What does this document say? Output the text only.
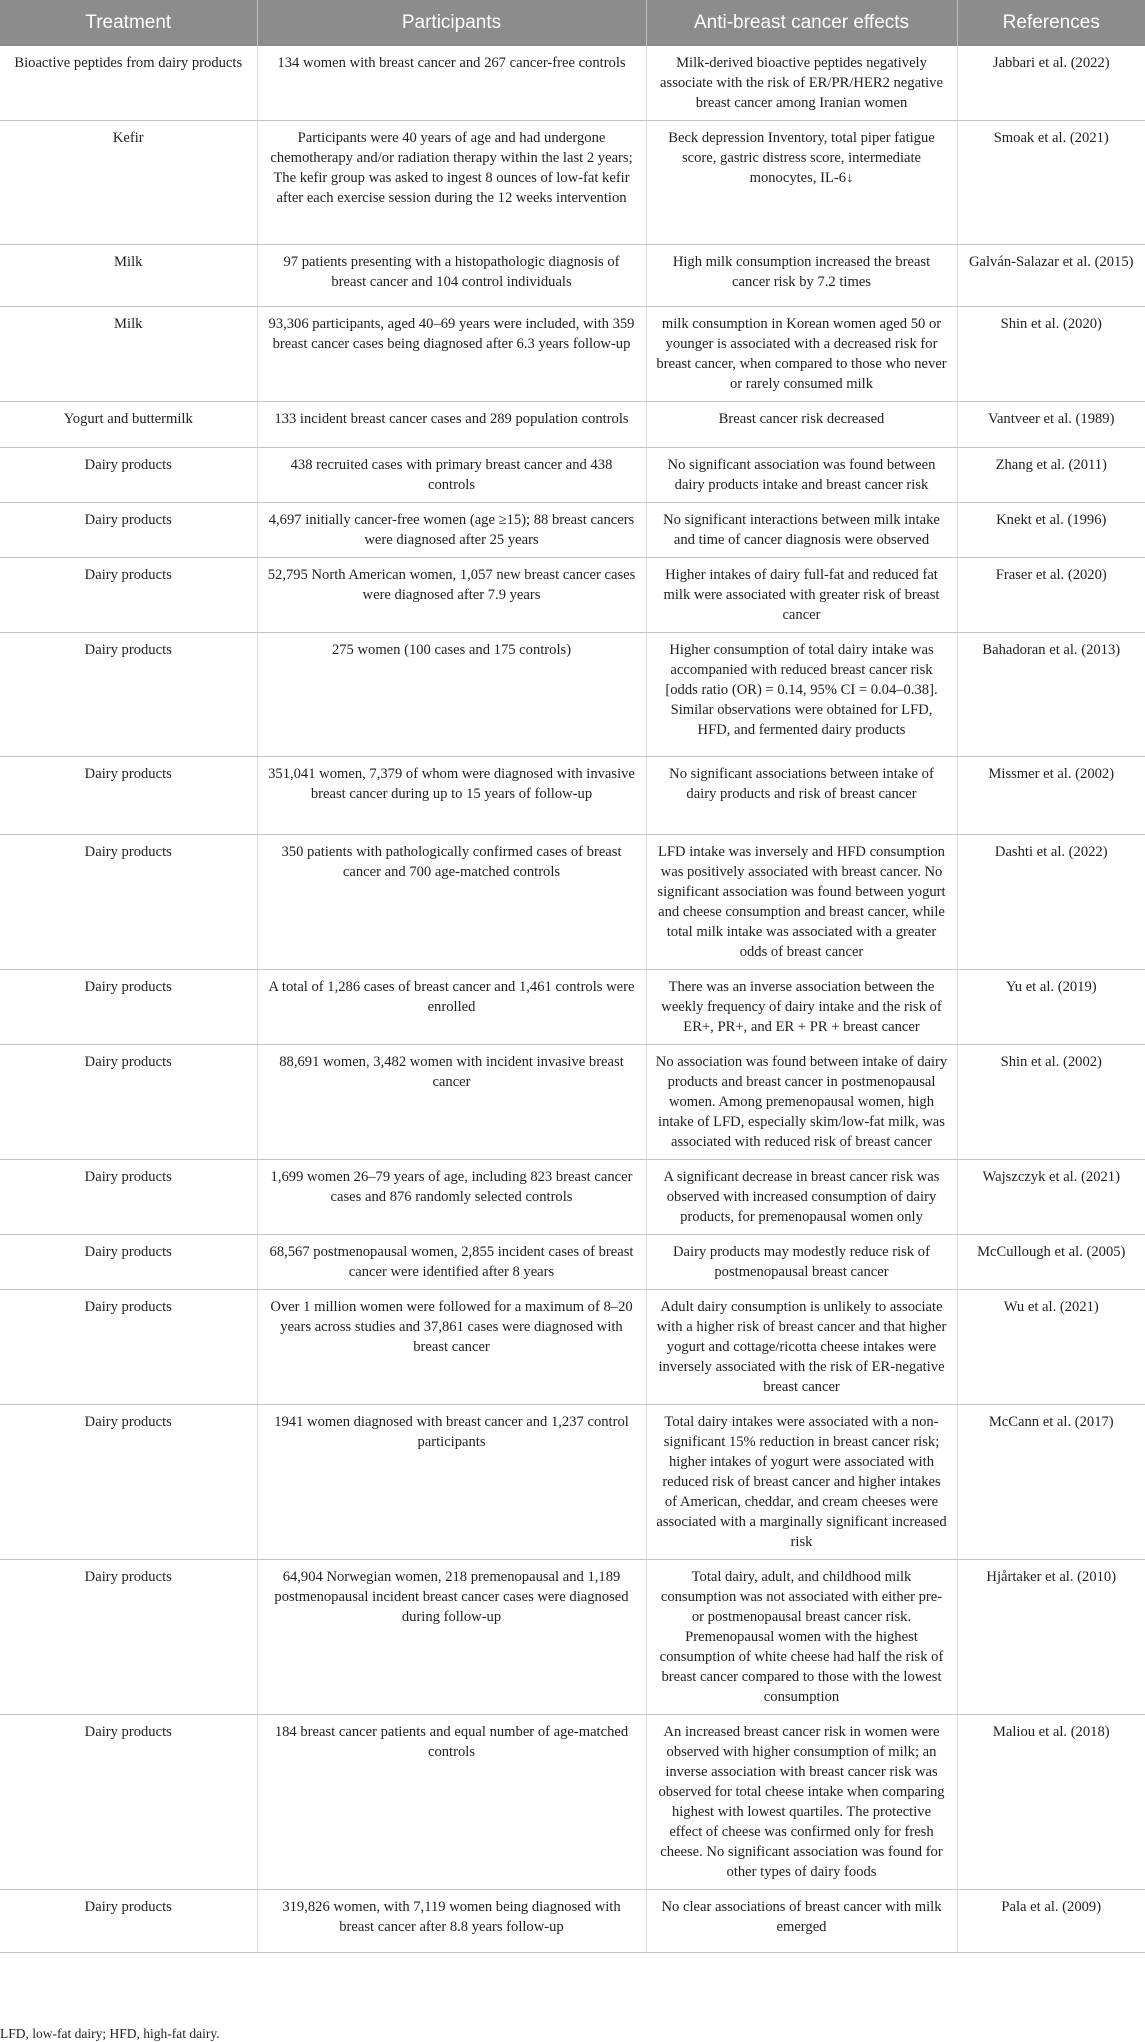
Treatment	Participants	Anti-breast cancer effects	References
Bioactive peptides from dairy products	134 women with breast cancer and 267 cancer-free controls	Milk-derived bioactive peptides negatively associate with the risk of ER/PR/HER2 negative breast cancer among Iranian women	Jabbari et al. (2022)
Kefir	Participants were 40 years of age and had undergone chemotherapy and/or radiation therapy within the last 2 years; The kefir group was asked to ingest 8 ounces of low-fat kefir after each exercise session during the 12 weeks intervention	Beck depression Inventory, total piper fatigue score, gastric distress score, intermediate monocytes, IL-6↓	Smoak et al. (2021)
Milk	97 patients presenting with a histopathologic diagnosis of breast cancer and 104 control individuals	High milk consumption increased the breast cancer risk by 7.2 times	Galván-Salazar et al. (2015)
Milk	93,306 participants, aged 40–69 years were included, with 359 breast cancer cases being diagnosed after 6.3 years follow-up	milk consumption in Korean women aged 50 or younger is associated with a decreased risk for breast cancer, when compared to those who never or rarely consumed milk	Shin et al. (2020)
Yogurt and buttermilk	133 incident breast cancer cases and 289 population controls	Breast cancer risk decreased	Vantveer et al. (1989)
Dairy products	438 recruited cases with primary breast cancer and 438 controls	No significant association was found between dairy products intake and breast cancer risk	Zhang et al. (2011)
Dairy products	4,697 initially cancer-free women (age ≥15); 88 breast cancers were diagnosed after 25 years	No significant interactions between milk intake and time of cancer diagnosis were observed	Knekt et al. (1996)
Dairy products	52,795 North American women, 1,057 new breast cancer cases were diagnosed after 7.9 years	Higher intakes of dairy full-fat and reduced fat milk were associated with greater risk of breast cancer	Fraser et al. (2020)
Dairy products	275 women (100 cases and 175 controls)	Higher consumption of total dairy intake was accompanied with reduced breast cancer risk [odds ratio (OR) = 0.14, 95% CI = 0.04–0.38]. Similar observations were obtained for LFD, HFD, and fermented dairy products	Bahadoran et al. (2013)
Dairy products	351,041 women, 7,379 of whom were diagnosed with invasive breast cancer during up to 15 years of follow-up	No significant associations between intake of dairy products and risk of breast cancer	Missmer et al. (2002)
Dairy products	350 patients with pathologically confirmed cases of breast cancer and 700 age-matched controls	LFD intake was inversely and HFD consumption was positively associated with breast cancer. No significant association was found between yogurt and cheese consumption and breast cancer, while total milk intake was associated with a greater odds of breast cancer	Dashti et al. (2022)
Dairy products	A total of 1,286 cases of breast cancer and 1,461 controls were enrolled	There was an inverse association between the weekly frequency of dairy intake and the risk of ER+, PR+, and ER + PR + breast cancer	Yu et al. (2019)
Dairy products	88,691 women, 3,482 women with incident invasive breast cancer	No association was found between intake of dairy products and breast cancer in postmenopausal women. Among premenopausal women, high intake of LFD, especially skim/low-fat milk, was associated with reduced risk of breast cancer	Shin et al. (2002)
Dairy products	1,699 women 26–79 years of age, including 823 breast cancer cases and 876 randomly selected controls	A significant decrease in breast cancer risk was observed with increased consumption of dairy products, for premenopausal women only	Wajszczyk et al. (2021)
Dairy products	68,567 postmenopausal women, 2,855 incident cases of breast cancer were identified after 8 years	Dairy products may modestly reduce risk of postmenopausal breast cancer	McCullough et al. (2005)
Dairy products	Over 1 million women were followed for a maximum of 8–20 years across studies and 37,861 cases were diagnosed with breast cancer	Adult dairy consumption is unlikely to associate with a higher risk of breast cancer and that higher yogurt and cottage/ricotta cheese intakes were inversely associated with the risk of ER-negative breast cancer	Wu et al. (2021)
Dairy products	1941 women diagnosed with breast cancer and 1,237 control participants	Total dairy intakes were associated with a non-significant 15% reduction in breast cancer risk; higher intakes of yogurt were associated with reduced risk of breast cancer and higher intakes of American, cheddar, and cream cheeses were associated with a marginally significant increased risk	McCann et al. (2017)
Dairy products	64,904 Norwegian women, 218 premenopausal and 1,189 postmenopausal incident breast cancer cases were diagnosed during follow-up	Total dairy, adult, and childhood milk consumption was not associated with either pre- or postmenopausal breast cancer risk. Premenopausal women with the highest consumption of white cheese had half the risk of breast cancer compared to those with the lowest consumption	Hjårtaker et al. (2010)
Dairy products	184 breast cancer patients and equal number of age-matched controls	An increased breast cancer risk in women were observed with higher consumption of milk; an inverse association with breast cancer risk was observed for total cheese intake when comparing highest with lowest quartiles. The protective effect of cheese was confirmed only for fresh cheese. No significant association was found for other types of dairy foods	Maliou et al. (2018)
Dairy products	319,826 women, with 7,119 women being diagnosed with breast cancer after 8.8 years follow-up	No clear associations of breast cancer with milk emerged	Pala et al. (2009)
LFD, low-fat dairy; HFD, high-fat dairy.
